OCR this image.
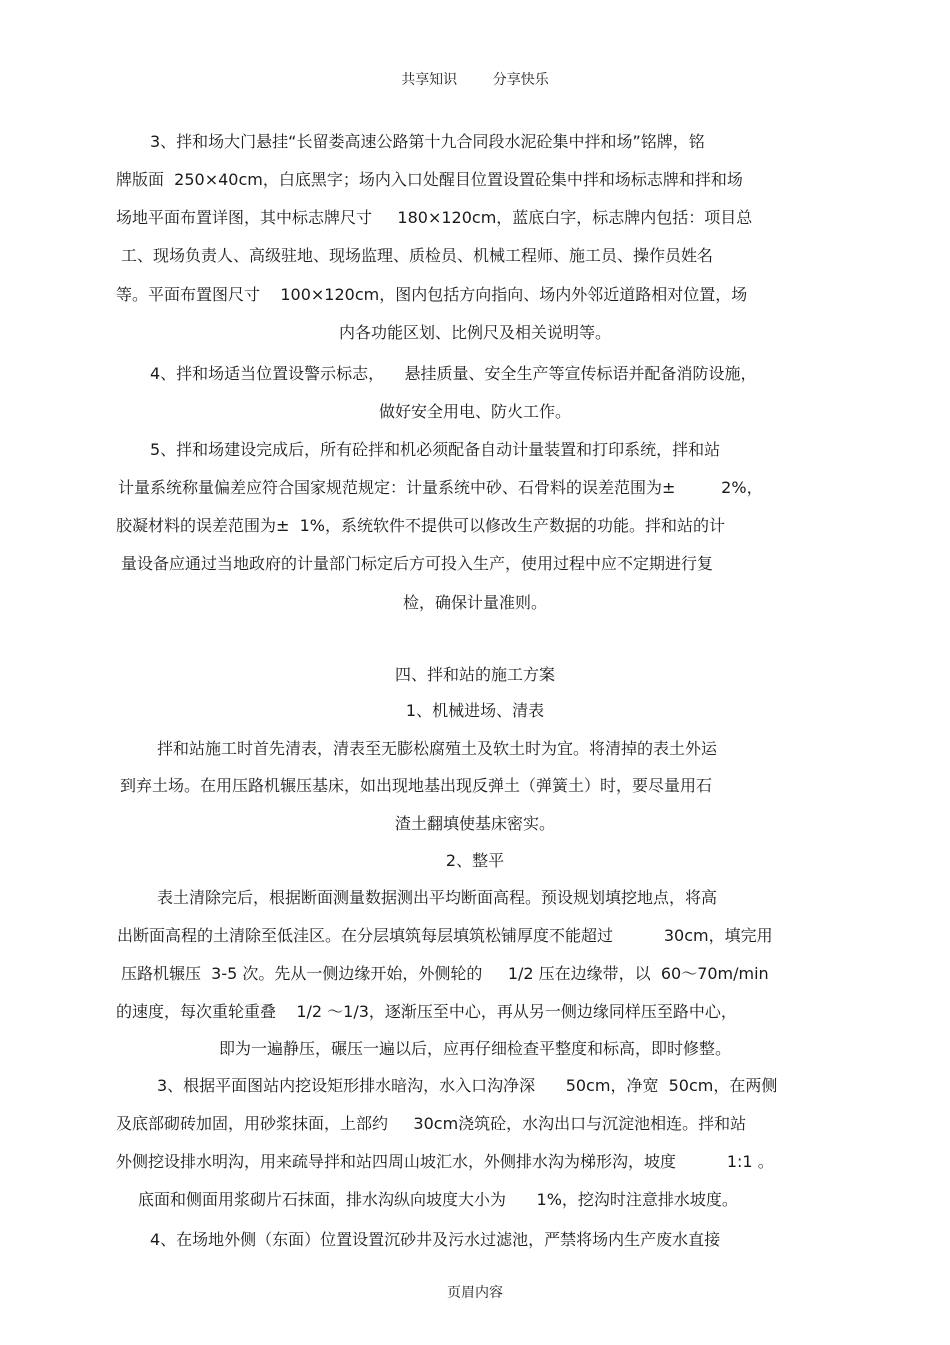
共享知识        分享快乐
3、拌和场大门悬挂“长留娄高速公路第十九合同段水泥砼集中拌和场”铭牌，铭
牌版面  250×40cm，白底黑字；场内入口处醒目位置设置砼集中拌和场标志牌和拌和场
场地平面布置详图，其中标志牌尺寸     180×120cm，蓝底白字，标志牌内包括：项目总
工、现场负责人、高级驻地、现场监理、质检员、机械工程师、施工员、操作员姓名
等。平面布置图尺寸    100×120cm，图内包括方向指向、场内外邻近道路相对位置，场
内各功能区划、比例尺及相关说明等。
4、拌和场适当位置设警示标志，    悬挂质量、安全生产等宣传标语并配备消防设施，
做好安全用电、防火工作。
5、拌和场建设完成后，所有砼拌和机必须配备自动计量装置和打印系统，拌和站
计量系统称量偏差应符合国家规范规定：计量系统中砂、石骨料的误差范围为±         2%，
胶凝材料的误差范围为±  1%，系统软件不提供可以修改生产数据的功能。拌和站的计
量设备应通过当地政府的计量部门标定后方可投入生产，使用过程中应不定期进行复
检，确保计量准则。
四、拌和站的施工方案
1、机械进场、清表
拌和站施工时首先清表，清表至无膨松腐殖土及软土时为宜。将清掉的表土外运
到弃土场。在用压路机辗压基床，如出现地基出现反弹土（弹簧土）时，要尽量用石
渣土翻填使基床密实。
2、整平
表土清除完后，根据断面测量数据测出平均断面高程。预设规划填挖地点，将高
出断面高程的土清除至低洼区。在分层填筑每层填筑松铺厚度不能超过          30cm，填完用
压路机辗压  3-5 次。先从一侧边缘开始，外侧轮的     1/2 压在边缘带，以  60～70m/min
的速度，每次重轮重叠    1/2 ～1/3，逐渐压至中心，再从另一侧边缘同样压至路中心，
即为一遍静压，碾压一遍以后，应再仔细检查平整度和标高，即时修整。
3、根据平面图站内挖设矩形排水暗沟，水入口沟净深      50cm，净宽  50cm，在两侧
及底部砌砖加固，用砂浆抹面，上部约     30cm浇筑砼，水沟出口与沉淀池相连。拌和站
外侧挖设排水明沟，用来疏导拌和站四周山坡汇水，外侧排水沟为梯形沟，坡度          1:1 。
底面和侧面用浆砌片石抹面，排水沟纵向坡度大小为      1%，挖沟时注意排水坡度。
4、在场地外侧（东面）位置设置沉砂井及污水过滤池，严禁将场内生产废水直接
页眉内容
